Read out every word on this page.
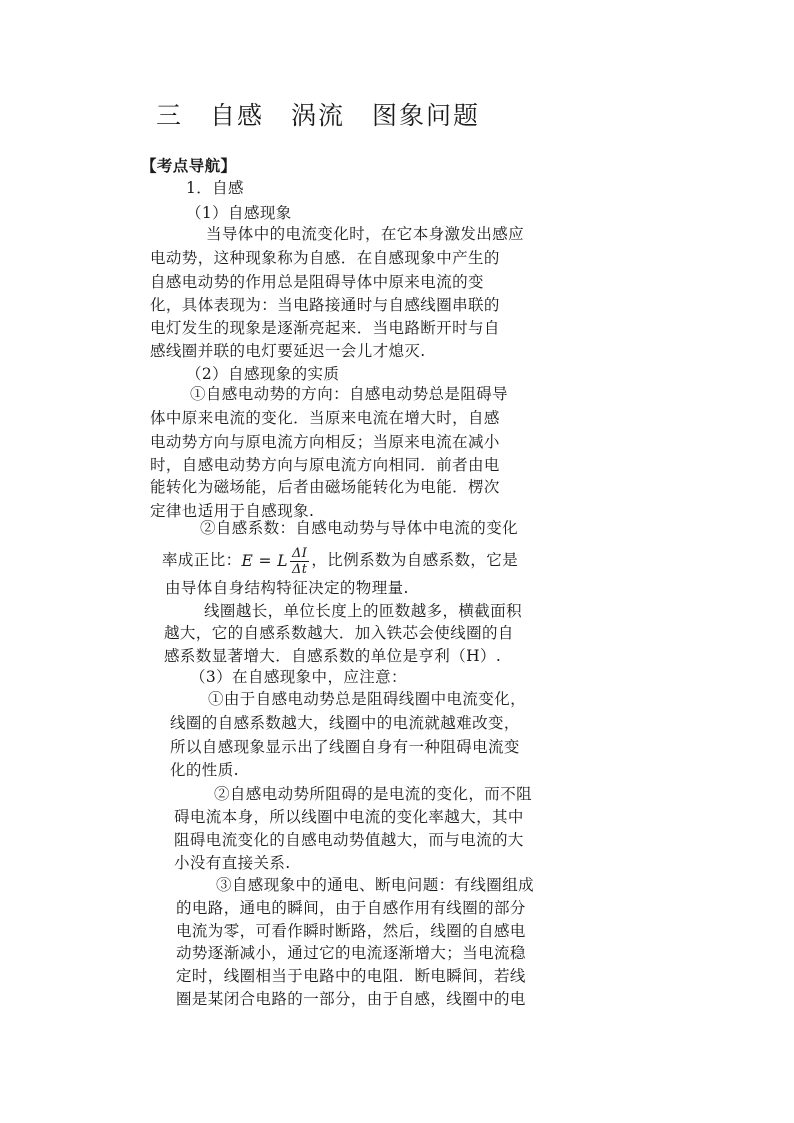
三　自感　涡流　图象问题
【考点导航】
1．自感
（1）自感现象
当导体中的电流变化时，在它本身激发出感应
电动势，这种现象称为自感．在自感现象中产生的
自感电动势的作用总是阻碍导体中原来电流的变
化，具体表现为：当电路接通时与自感线圈串联的
电灯发生的现象是逐渐亮起来．当电路断开时与自
感线圈并联的电灯要延迟一会儿才熄灭.
（2）自感现象的实质
①自感电动势的方向：自感电动势总是阻碍导
体中原来电流的变化．当原来电流在增大时，自感
电动势方向与原电流方向相反；当原来电流在减小
时，自感电动势方向与原电流方向相同．前者由电
能转化为磁场能，后者由磁场能转化为电能．楞次
定律也适用于自感现象.
②自感系数：自感电动势与导体中电流的变化
率成正比：E = L $\frac{\Delta I}{\Delta t}$ ，比例系数为自感系数，它是
由导体自身结构特征决定的物理量.
线圈越长，单位长度上的匝数越多，横截面积
越大，它的自感系数越大．加入铁芯会使线圈的自
感系数显著增大．自感系数的单位是亨利（H）.
（3）在自感现象中，应注意：
①由于自感电动势总是阻碍线圈中电流变化，
线圈的自感系数越大，线圈中的电流就越难改变，
所以自感现象显示出了线圈自身有一种阻碍电流变
化的性质.
②自感电动势所阻碍的是电流的变化，而不阻
碍电流本身，所以线圈中电流的变化率越大，其中
阻碍电流变化的自感电动势值越大，而与电流的大
小没有直接关系.
③自感现象中的通电、断电问题：有线圈组成
的电路，通电的瞬间，由于自感作用有线圈的部分
电流为零，可看作瞬时断路，然后，线圈的自感电
动势逐渐减小，通过它的电流逐渐增大；当电流稳
定时，线圈相当于电路中的电阻．断电瞬间，若线
圈是某闭合电路的一部分，由于自感，线圈中的电
